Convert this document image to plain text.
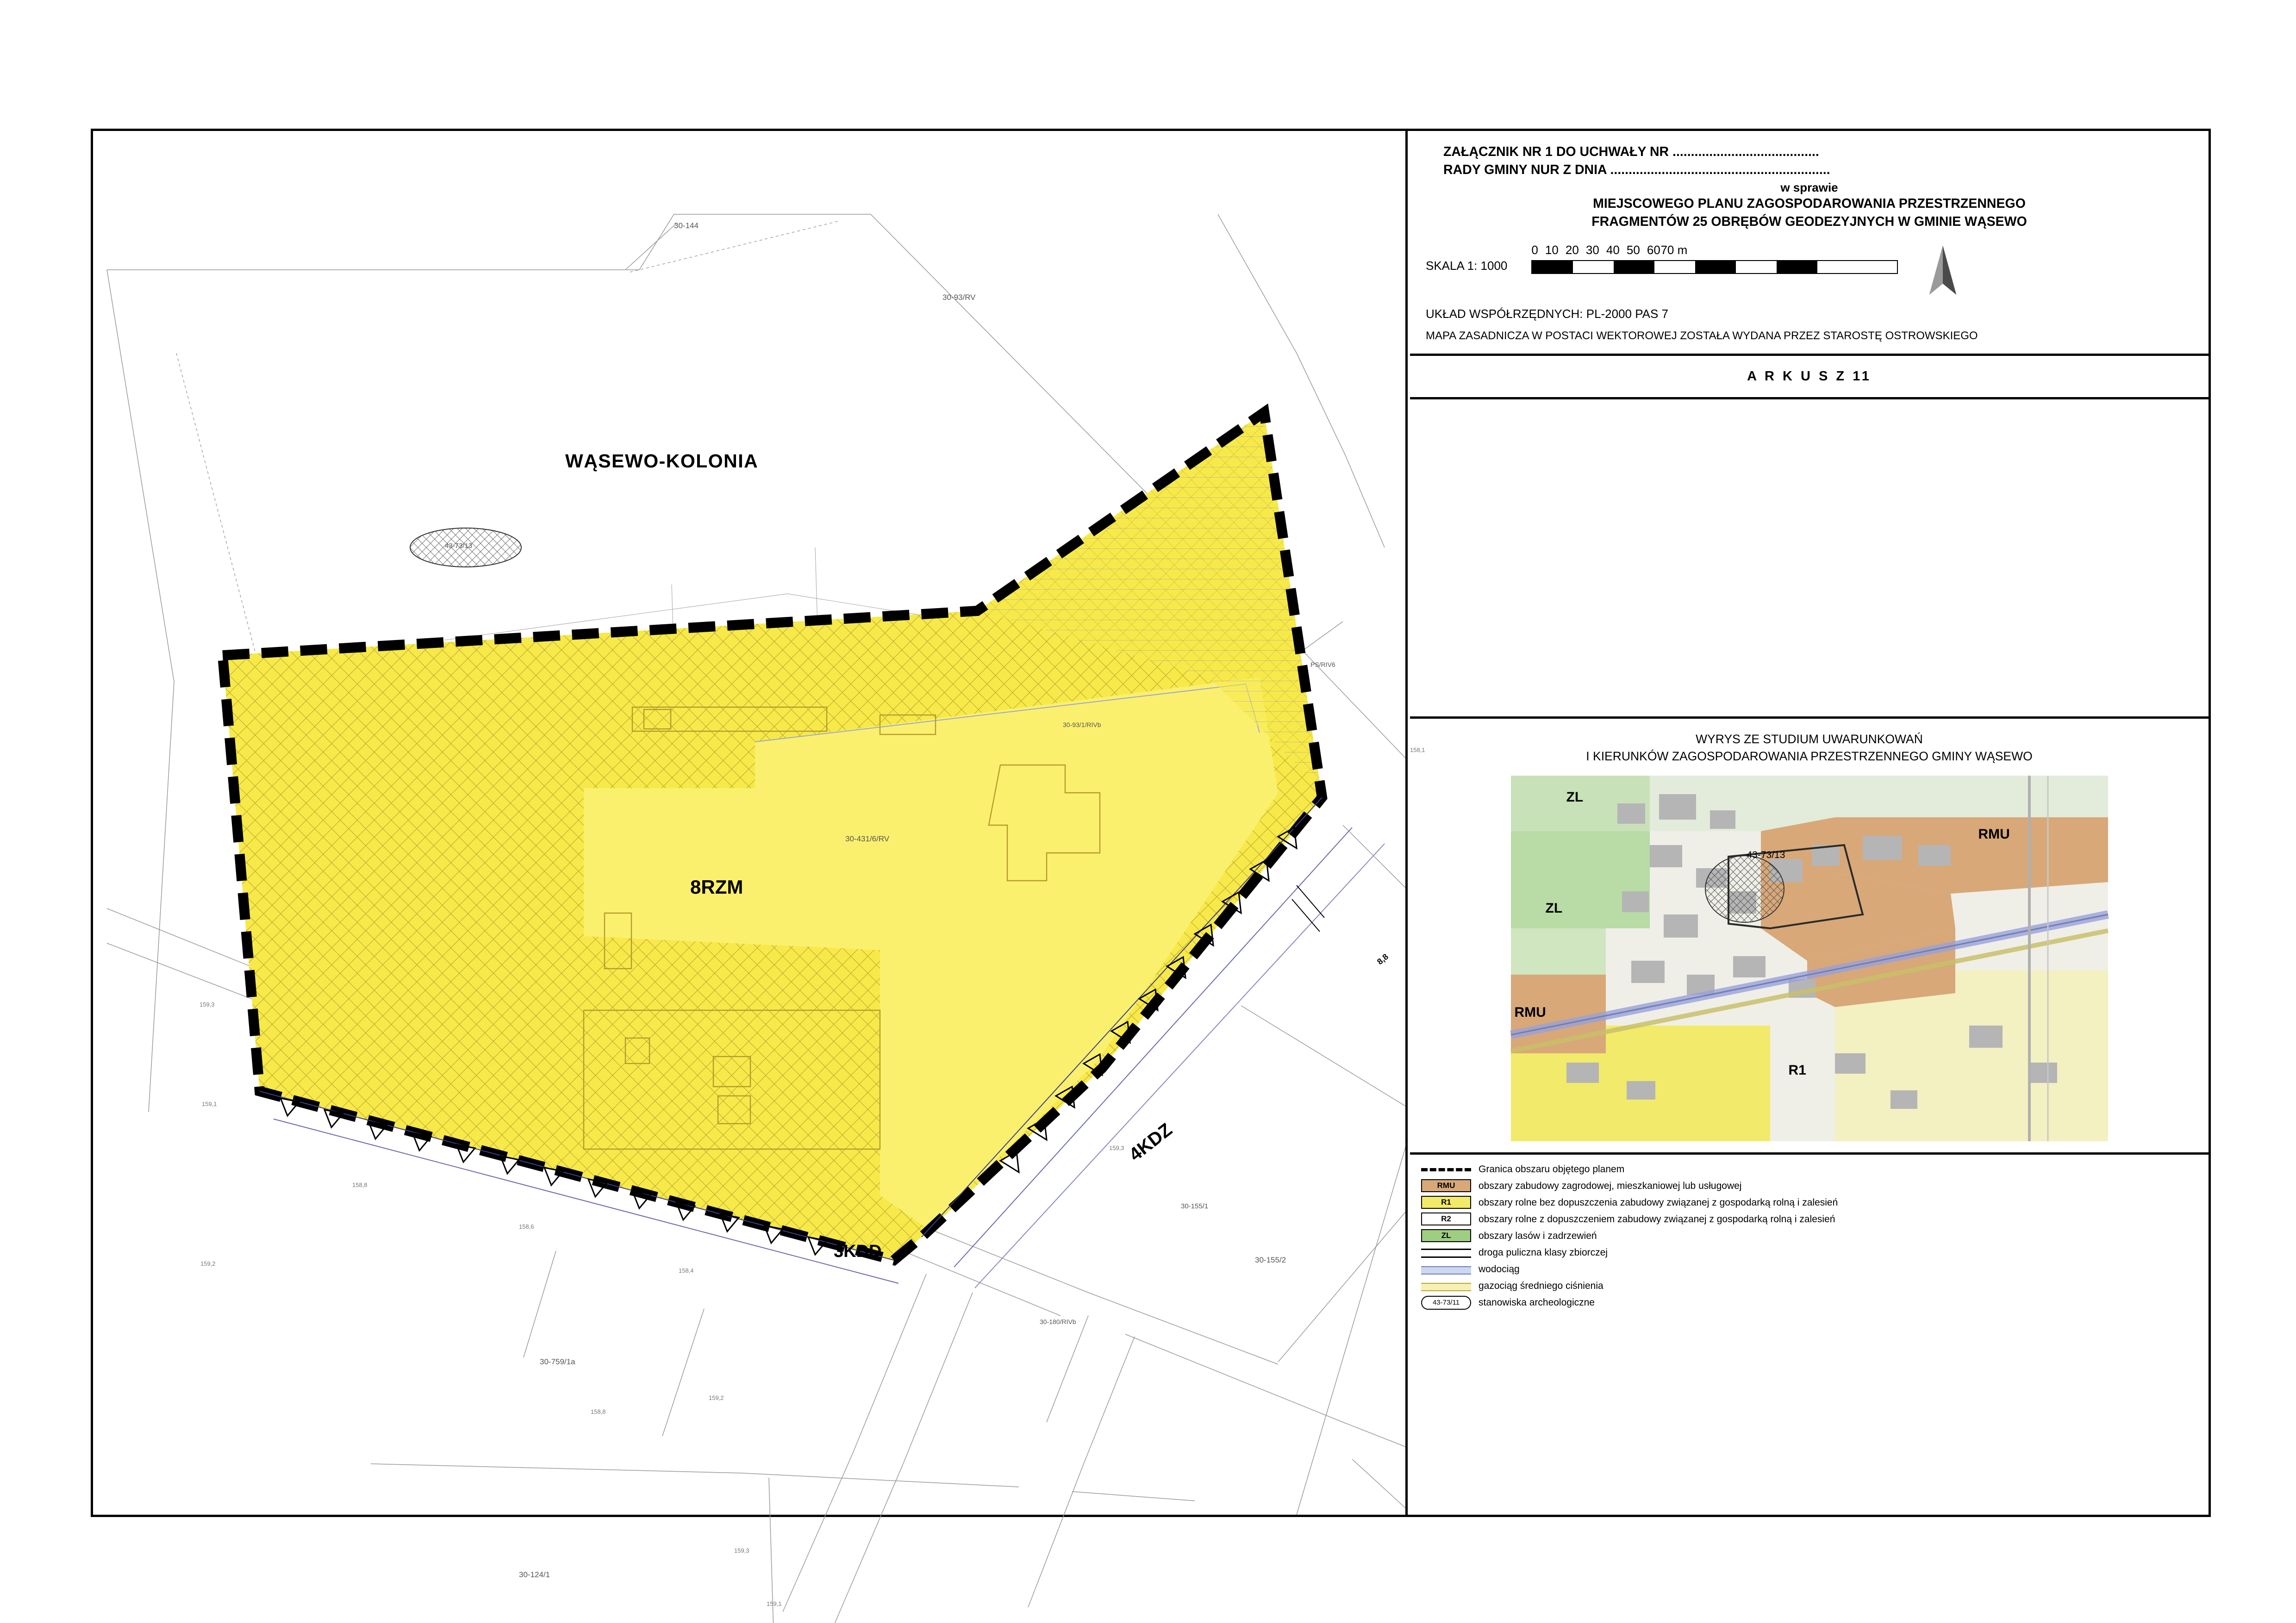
WĄSEWO-KOLONIA
8RZM
3KDD
4KDZ
8,8
30-144
30-93/RV
43-73/13
30-93/1/RIVb
30-431/6/RV
30-155/1
30-155/2
30-180/RIVb
30-759/1a
30-124/1
PS/RIV6
159,3
159,1
159,2
158,8
158,6
158,4
159,2
158,8
159,3
158,1
159,3
159,1
ZAŁĄCZNIK NR 1 DO UCHWAŁY NR ........................................
RADY GMINY NUR Z DNIA ............................................................
w sprawie
MIEJSCOWEGO PLANU ZAGOSPODAROWANIA PRZESTRZENNEGO
FRAGMENTÓW 25 OBRĘBÓW GEODEZYJNYCH W GMINIE WĄSEWO
SKALA 1: 1000
0 10 20 30 40 50 60 70 m
UKŁAD WSPÓŁRZĘDNYCH: PL-2000 PAS 7
MAPA ZASADNICZA W POSTACI WEKTOROWEJ ZOSTAŁA WYDANA PRZEZ STAROSTĘ OSTROWSKIEGO
A R K U S Z 11
WYRYS ZE STUDIUM UWARUNKOWAŃ
I KIERUNKÓW ZAGOSPODAROWANIA PRZESTRZENNEGO GMINY WĄSEWO
ZL
RMU
ZL
RMU
R1
43-73/13
Granica obszaru objętego planem
RMU	obszary zabudowy zagrodowej, mieszkaniowej lub usługowej
R1	obszary rolne bez dopuszczenia zabudowy związanej z gospodarką rolną i zalesień
R2	obszary rolne z dopuszczeniem zabudowy związanej z gospodarką rolną i zalesień
ZL	obszary lasów i zadrzewień
droga puliczna klasy zbiorczej
wodociąg
gazociąg średniego ciśnienia
43-73/11	stanowiska archeologiczne
